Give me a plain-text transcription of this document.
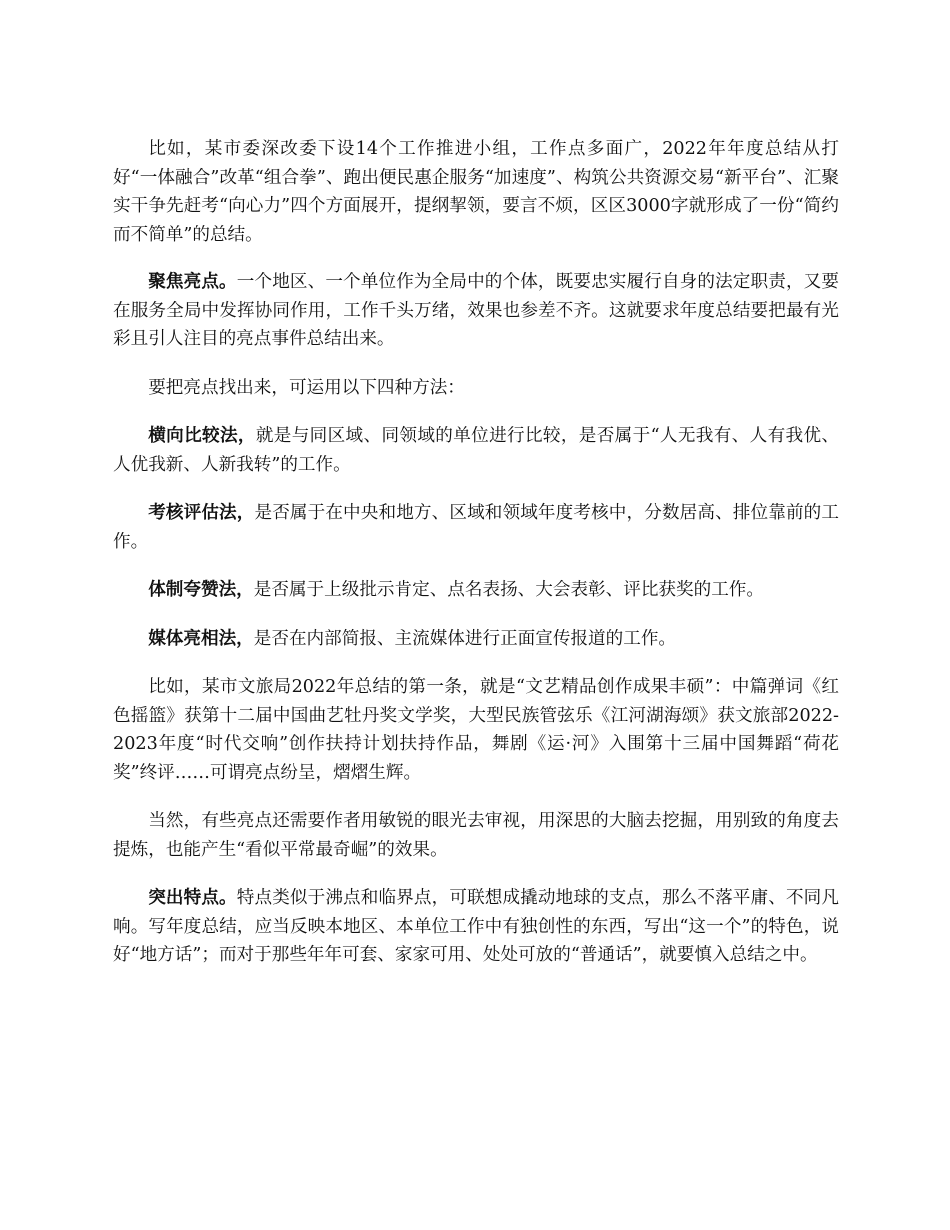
比如，某市委深改委下设14个工作推进小组，工作点多面广，2022年年度总结从打好“一体融合”改革“组合拳”、跑出便民惠企服务“加速度”、构筑公共资源交易“新平台”、汇聚实干争先赶考“向心力”四个方面展开，提纲挈领，要言不烦，区区3000字就形成了一份“简约而不简单”的总结。

聚焦亮点。一个地区、一个单位作为全局中的个体，既要忠实履行自身的法定职责，又要在服务全局中发挥协同作用，工作千头万绪，效果也参差不齐。这就要求年度总结要把最有光彩且引人注目的亮点事件总结出来。

要把亮点找出来，可运用以下四种方法：

横向比较法，就是与同区域、同领域的单位进行比较，是否属于“人无我有、人有我优、人优我新、人新我转”的工作。

考核评估法，是否属于在中央和地方、区域和领域年度考核中，分数居高、排位靠前的工作。

体制夸赞法，是否属于上级批示肯定、点名表扬、大会表彰、评比获奖的工作。

媒体亮相法，是否在内部简报、主流媒体进行正面宣传报道的工作。

比如，某市文旅局2022年总结的第一条，就是“文艺精品创作成果丰硕”：中篇弹词《红色摇篮》获第十二届中国曲艺牡丹奖文学奖，大型民族管弦乐《江河湖海颂》获文旅部2022-2023年度“时代交响”创作扶持计划扶持作品，舞剧《运·河》入围第十三届中国舞蹈“荷花奖”终评……可谓亮点纷呈，熠熠生辉。

当然，有些亮点还需要作者用敏锐的眼光去审视，用深思的大脑去挖掘，用别致的角度去提炼，也能产生“看似平常最奇崛”的效果。

突出特点。特点类似于沸点和临界点，可联想成撬动地球的支点，那么不落平庸、不同凡响。写年度总结，应当反映本地区、本单位工作中有独创性的东西，写出“这一个”的特色，说好“地方话”；而对于那些年年可套、家家可用、处处可放的“普通话”，就要慎入总结之中。
